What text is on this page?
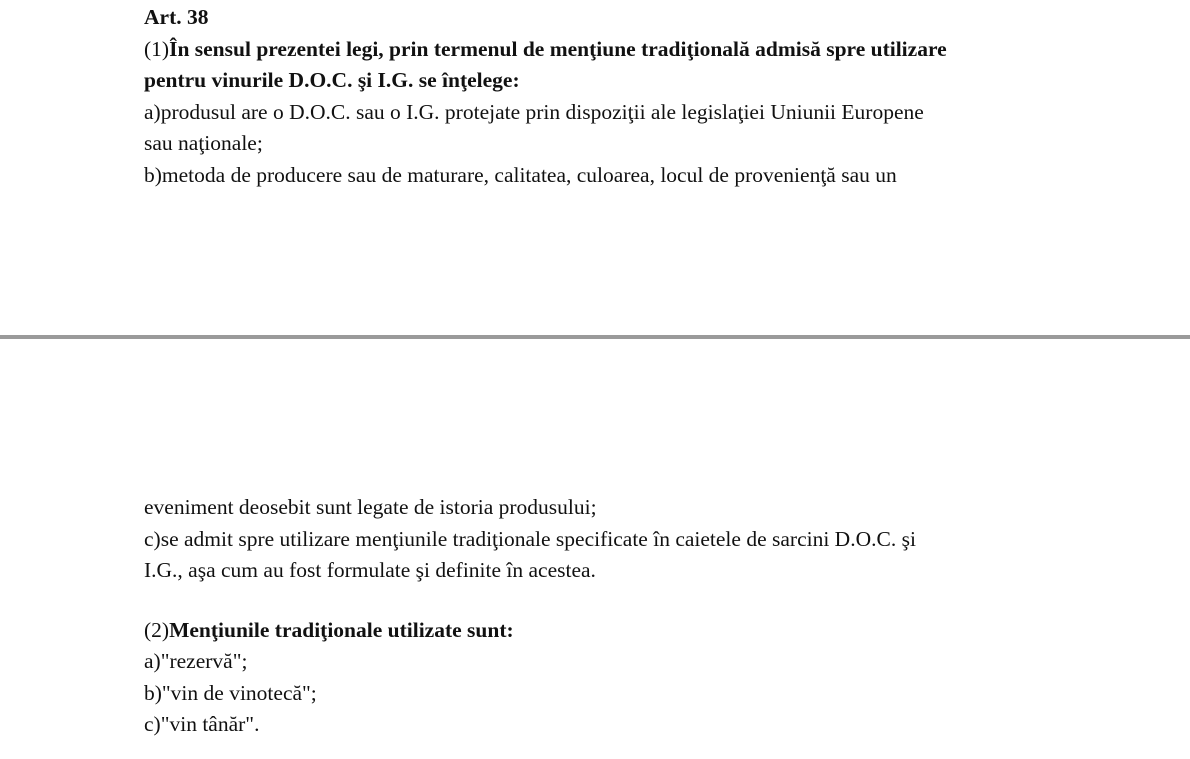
Art. 38
(1)În sensul prezentei legi, prin termenul de menţiune tradiţională admisă spre utilizare
pentru vinurile D.O.C. şi I.G. se înţelege:
a)produsul are o D.O.C. sau o I.G. protejate prin dispoziţii ale legislaţiei Uniunii Europene
sau naţionale;
b)metoda de producere sau de maturare, calitatea, culoarea, locul de provenienţă sau un
eveniment deosebit sunt legate de istoria produsului;
c)se admit spre utilizare menţiunile tradiţionale specificate în caietele de sarcini D.O.C. şi
I.G., aşa cum au fost formulate şi definite în acestea.
(2)Menţiunile tradiţionale utilizate sunt:
a)"rezervă";
b)"vin de vinotecă";
c)"vin tânăr".
